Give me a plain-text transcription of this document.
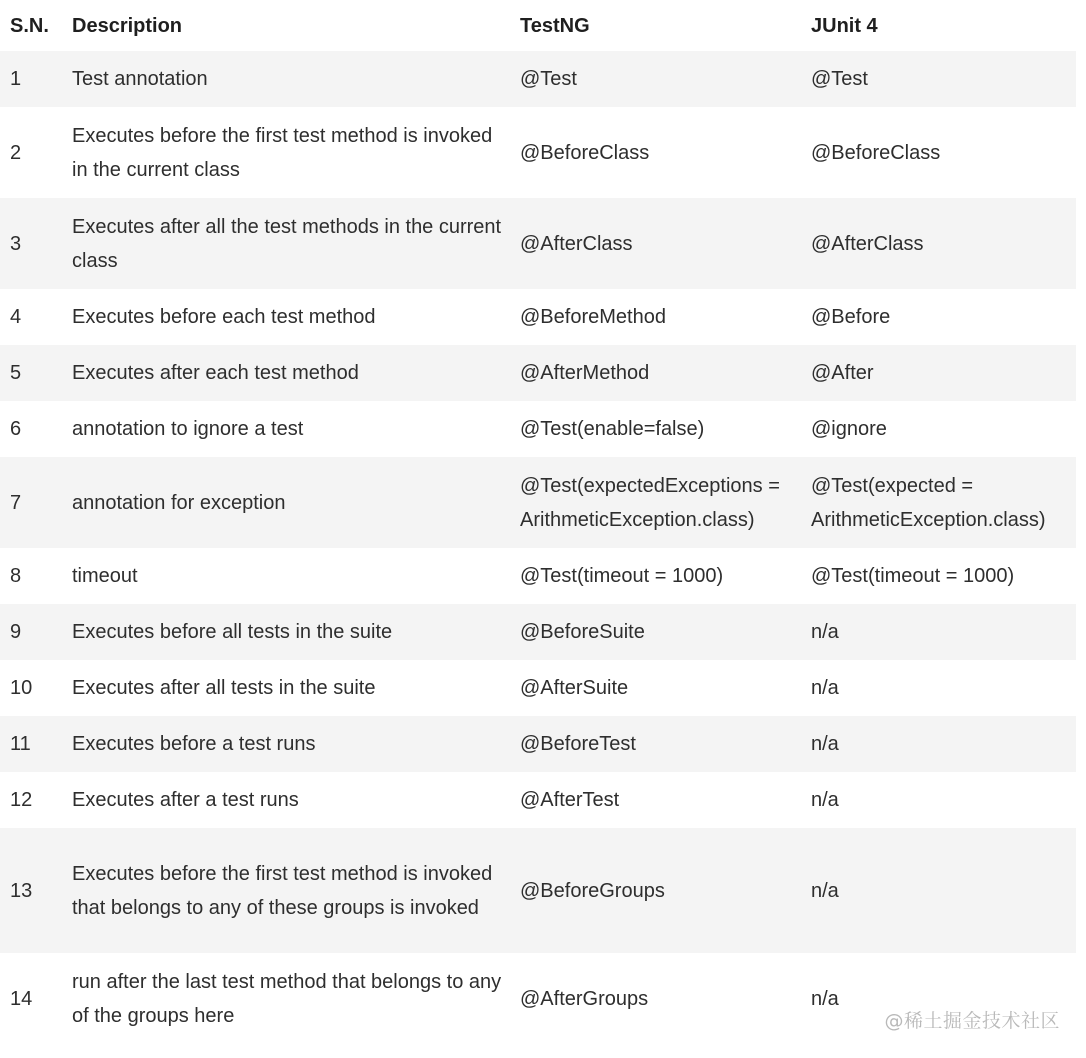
S.N.	Description	TestNG	JUnit 4
1	Test annotation	@Test	@Test
2	Executes before the first test method is invoked in the current class	@BeforeClass	@BeforeClass
3	Executes after all the test methods in the current class	@AfterClass	@AfterClass
4	Executes before each test method	@BeforeMethod	@Before
5	Executes after each test method	@AfterMethod	@After
6	annotation to ignore a test	@Test(enable=false)	@ignore
7	annotation for exception	@Test(expectedExceptions = ArithmeticException.class)	@Test(expected = ArithmeticException.class)
8	timeout	@Test(timeout = 1000)	@Test(timeout = 1000)
9	Executes before all tests in the suite	@BeforeSuite	n/a
10	Executes after all tests in the suite	@AfterSuite	n/a
11	Executes before a test runs	@BeforeTest	n/a
12	Executes after a test runs	@AfterTest	n/a
13	Executes before the first test method is invoked that belongs to any of these groups is invoked	@BeforeGroups	n/a
14	run after the last test method that belongs to any of the groups here	@AfterGroups	n/a
@稀土掘金技术社区
